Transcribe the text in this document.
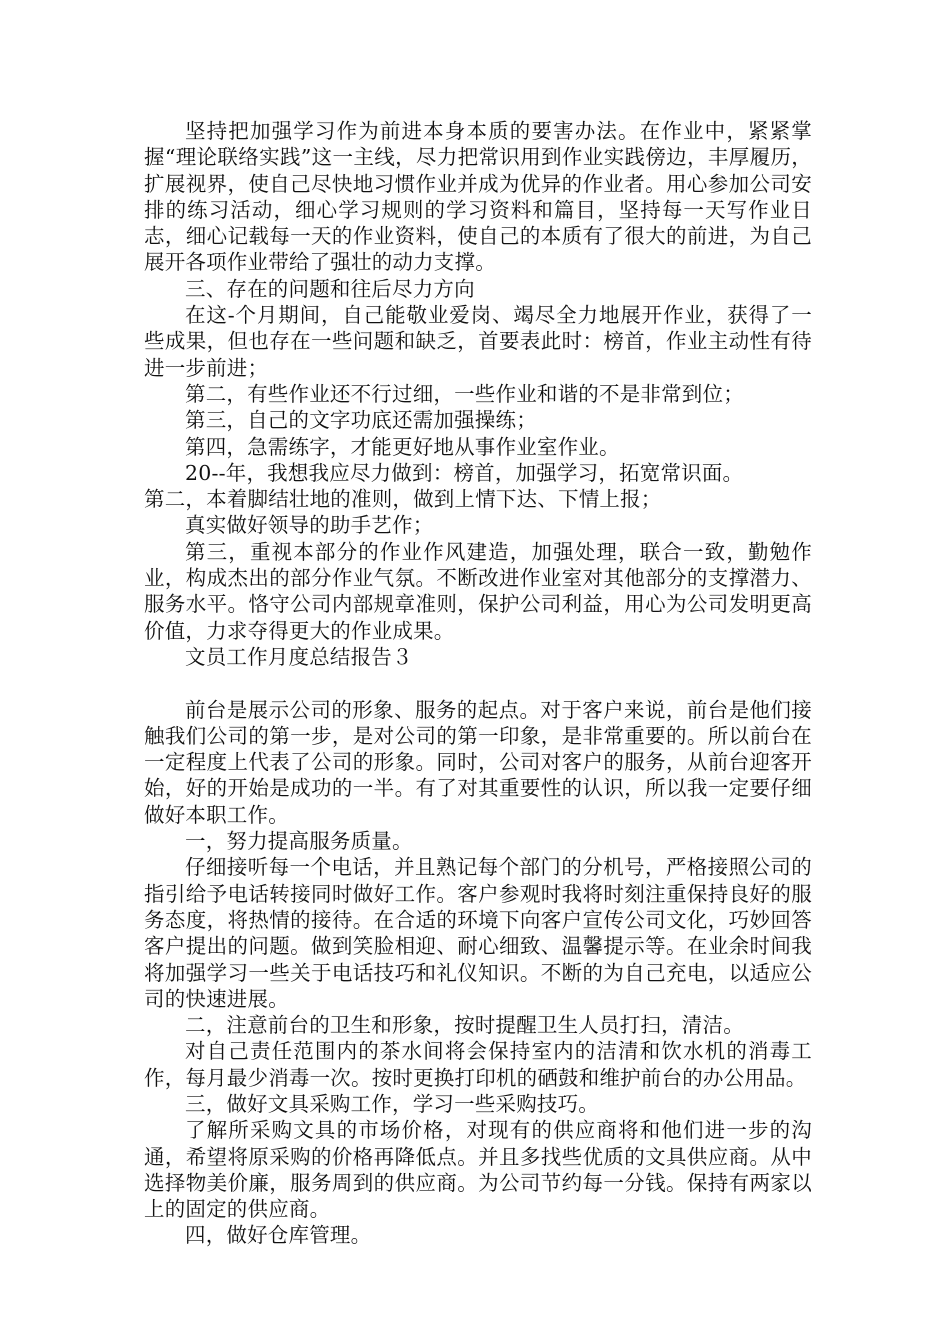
坚持把加强学习作为前进本身本质的要害办法。在作业中，紧紧掌握“理论联络实践”这一主线，尽力把常识用到作业实践傍边，丰厚履历，扩展视界，使自己尽快地习惯作业并成为优异的作业者。用心参加公司安排的练习活动，细心学习规则的学习资料和篇目，坚持每一天写作业日志，细心记载每一天的作业资料，使自己的本质有了很大的前进，为自己展开各项作业带给了强壮的动力支撑。

三、存在的问题和往后尽力方向

在这-个月期间，自己能敬业爱岗、竭尽全力地展开作业，获得了一些成果，但也存在一些问题和缺乏，首要表此时：榜首，作业主动性有待进一步前进；

第二，有些作业还不行过细，一些作业和谐的不是非常到位；

第三，自己的文字功底还需加强操练；

第四，急需练字，才能更好地从事作业室作业。

20--年，我想我应尽力做到：榜首，加强学习，拓宽常识面。

第二，本着脚结壮地的准则，做到上情下达、下情上报；

真实做好领导的助手艺作；

第三，重视本部分的作业作风建造，加强处理，联合一致，勤勉作业，构成杰出的部分作业气氛。不断改进作业室对其他部分的支撑潜力、服务水平。恪守公司内部规章准则，保护公司利益，用心为公司发明更高价值，力求夺得更大的作业成果。

文员工作月度总结报告３

前台是展示公司的形象、服务的起点。对于客户来说，前台是他们接触我们公司的第一步，是对公司的第一印象，是非常重要的。所以前台在一定程度上代表了公司的形象。同时，公司对客户的服务，从前台迎客开始，好的开始是成功的一半。有了对其重要性的认识，所以我一定要仔细做好本职工作。

一，努力提高服务质量。

仔细接听每一个电话，并且熟记每个部门的分机号，严格接照公司的指引给予电话转接同时做好工作。客户参观时我将时刻注重保持良好的服务态度，将热情的接待。在合适的环境下向客户宣传公司文化，巧妙回答客户提出的问题。做到笑脸相迎、耐心细致、温馨提示等。在业余时间我将加强学习一些关于电话技巧和礼仪知识。不断的为自己充电，以适应公司的快速进展。

二，注意前台的卫生和形象，按时提醒卫生人员打扫，清洁。

对自己责任范围内的茶水间将会保持室内的洁清和饮水机的消毒工作，每月最少消毒一次。按时更换打印机的硒鼓和维护前台的办公用品。

三，做好文具采购工作，学习一些采购技巧。

了解所采购文具的市场价格，对现有的供应商将和他们进一步的沟通，希望将原采购的价格再降低点。并且多找些优质的文具供应商。从中选择物美价廉，服务周到的供应商。为公司节约每一分钱。保持有两家以上的固定的供应商。

四，做好仓库管理。
